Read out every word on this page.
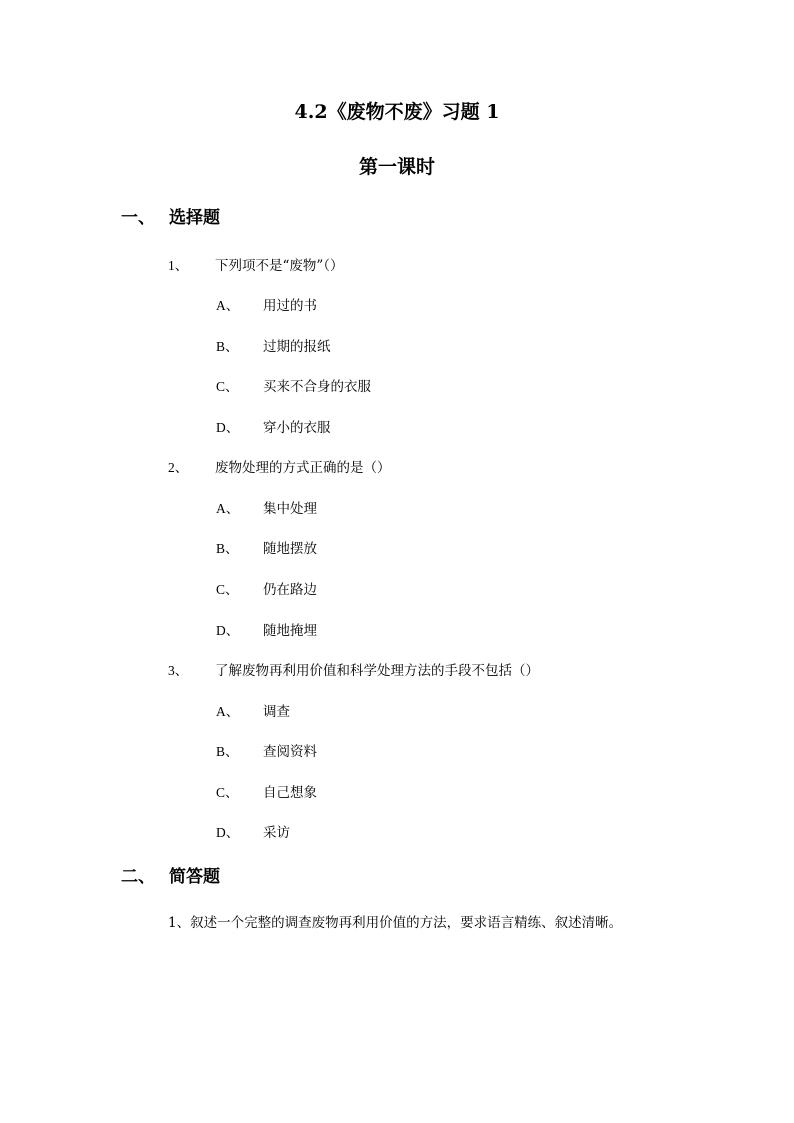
4.2《废物不废》习题 1
第一课时
一、 选择题
1、 下列项不是“废物”（）
A、 用过的书
B、 过期的报纸
C、 买来不合身的衣服
D、 穿小的衣服
2、 废物处理的方式正确的是（）
A、 集中处理
B、 随地摆放
C、 仍在路边
D、 随地掩埋
3、 了解废物再利用价值和科学处理方法的手段不包括（）
A、 调查
B、 查阅资料
C、 自己想象
D、 采访
二、 简答题
1、叙述一个完整的调查废物再利用价值的方法，要求语言精练、叙述清晰。
